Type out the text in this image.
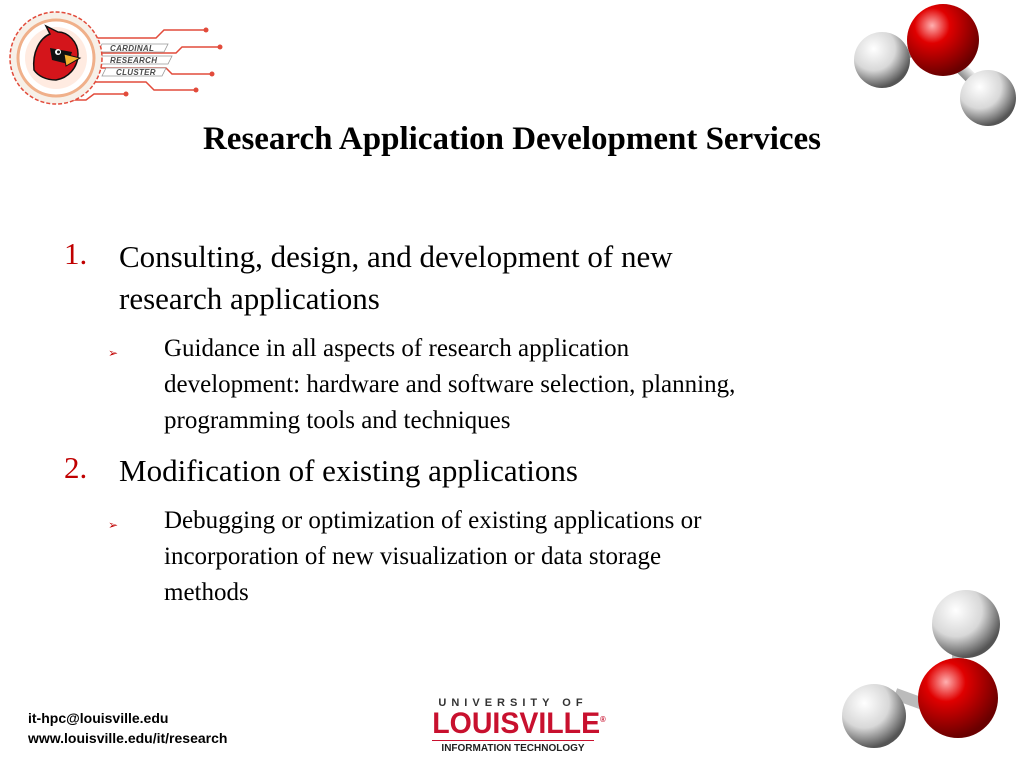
CARDINAL
RESEARCH
CLUSTER
Research Application Development Services
1. Consulting, design, and development of new
research applications
➢ Guidance in all aspects of research application
development: hardware and software selection, planning,
programming tools and techniques
2. Modification of existing applications
➢ Debugging or optimization of existing applications or
incorporation of new visualization or data storage
methods
it-hpc@louisville.edu
www.louisville.edu/it/research
UNIVERSITY OF
LOUISVILLE®
INFORMATION TECHNOLOGY
